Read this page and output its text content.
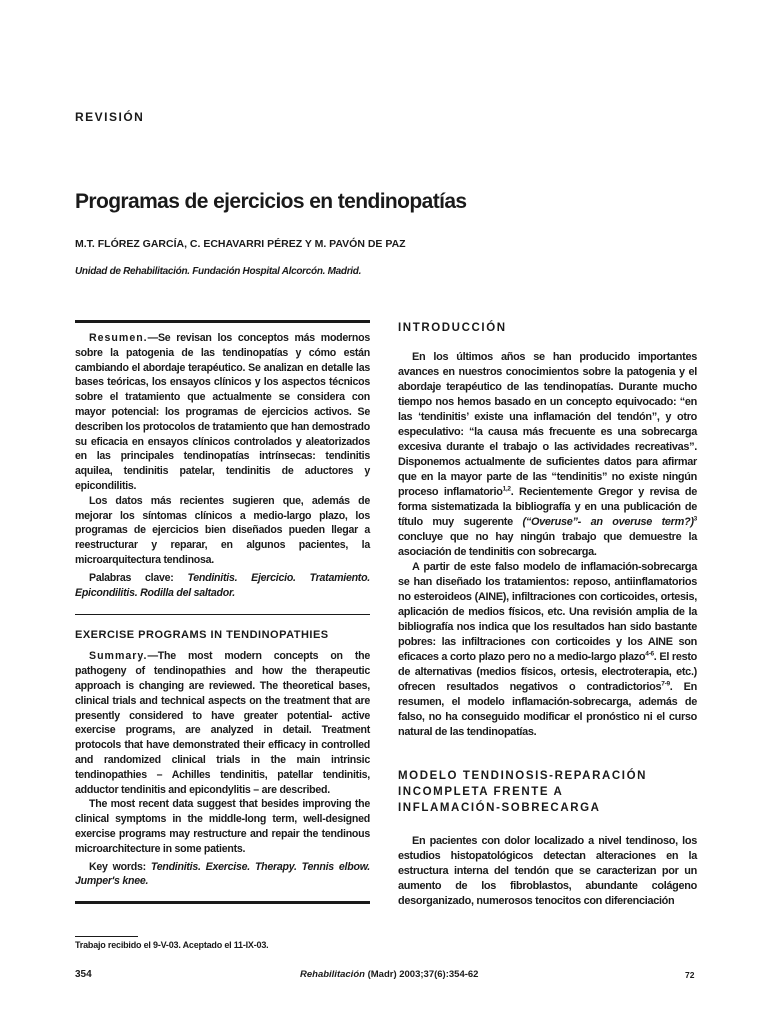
REVISIÓN
Programas de ejercicios en tendinopatías
M.T. FLÓREZ GARCÍA, C. ECHAVARRI PÉREZ Y M. PAVÓN DE PAZ
Unidad de Rehabilitación. Fundación Hospital Alcorcón. Madrid.

Resumen.—Se revisan los conceptos más modernos sobre la patogenia de las tendinopatías y cómo están cambiando el abordaje terapéutico. Se analizan en detalle las bases teóricas, los ensayos clínicos y los aspectos técnicos sobre el tratamiento que actualmente se considera con mayor potencial: los programas de ejercicios activos. Se describen los protocolos de tratamiento que han demostrado su eficacia en ensayos clínicos controlados y aleatorizados en las principales tendinopatías intrínsecas: tendinitis aquilea, tendinitis patelar, tendinitis de aductores y epicondilitis.

Los datos más recientes sugieren que, además de mejorar los síntomas clínicos a medio-largo plazo, los programas de ejercicios bien diseñados pueden llegar a reestructurar y reparar, en algunos pacientes, la microarquitectura tendinosa.

Palabras clave: Tendinitis. Ejercicio. Tratamiento. Epicondilitis. Rodilla del saltador.

EXERCISE PROGRAMS IN TENDINOPATHIES

Summary.—The most modern concepts on the pathogeny of tendinopathies and how the therapeutic approach is changing are reviewed. The theoretical bases, clinical trials and technical aspects on the treatment that are presently considered to have greater potential- active exercise programs, are analyzed in detail. Treatment protocols that have demonstrated their efficacy in controlled and randomized clinical trials in the main intrinsic tendinopathies – Achilles tendinitis, patellar tendinitis, adductor tendinitis and epicondylitis – are described.

The most recent data suggest that besides improving the clinical symptoms in the middle-long term, well-designed exercise programs may restructure and repair the tendinous microarchitecture in some patients.

Key words: Tendinitis. Exercise. Therapy. Tennis elbow. Jumper's knee.

Trabajo recibido el 9-V-03. Aceptado el 11-IX-03.
INTRODUCCIÓN

En los últimos años se han producido importantes avances en nuestros conocimientos sobre la patogenia y el abordaje terapéutico de las tendinopatías. Durante mucho tiempo nos hemos basado en un concepto equivocado: “en las ‘tendinitis’ existe una inflamación del tendón”, y otro especulativo: “la causa más frecuente es una sobrecarga excesiva durante el trabajo o las actividades recreativas”. Disponemos actualmente de suficientes datos para afirmar que en la mayor parte de las “tendinitis” no existe ningún proceso inflamatorio$^{1,2}$. Recientemente Gregor y revisa de forma sistematizada la bibliografía y en una publicación de título muy sugerente (“Overuse”- an overuse term?)$^3$ concluye que no hay ningún trabajo que demuestre la asociación de tendinitis con sobrecarga.

A partir de este falso modelo de inflamación-sobrecarga se han diseñado los tratamientos: reposo, antiinflamatorios no esteroideos (AINE), infiltraciones con corticoides, ortesis, aplicación de medios físicos, etc. Una revisión amplia de la bibliografía nos indica que los resultados han sido bastante pobres: las infiltraciones con corticoides y los AINE son eficaces a corto plazo pero no a medio-largo plazo$^{4-6}$. El resto de alternativas (medios físicos, ortesis, electroterapia, etc.) ofrecen resultados negativos o contradictorios$^{7-9}$. En resumen, el modelo inflamación-sobrecarga, además de falso, no ha conseguido modificar el pronóstico ni el curso natural de las tendinopatías.

MODELO TENDINOSIS-REPARACIÓN
INCOMPLETA FRENTE A
INFLAMACIÓN-SOBRECARGA

En pacientes con dolor localizado a nivel tendinoso, los estudios histopatológicos detectan alteraciones en la estructura interna del tendón que se caracterizan por un aumento de los fibroblastos, abundante colágeno desorganizado, numerosos tenocitos con diferenciación

354	Rehabilitación (Madr) 2003;37(6):354-62	72
